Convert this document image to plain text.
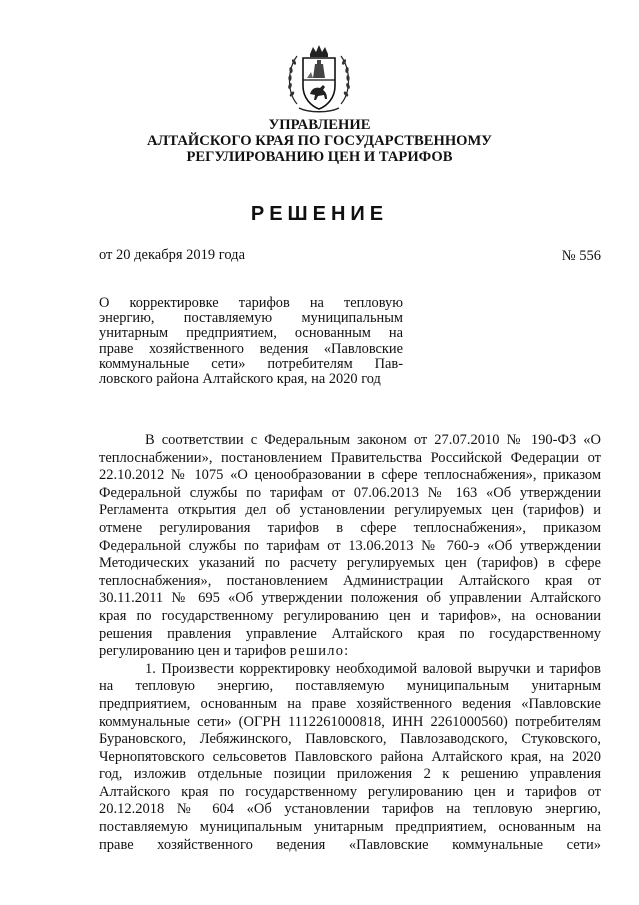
УПРАВЛЕНИЕ
АЛТАЙСКОГО КРАЯ ПО ГОСУДАРСТВЕННОМУ
РЕГУЛИРОВАНИЮ ЦЕН И ТАРИФОВ
РЕШЕНИЕ
от 20 декабря 2019 года	№ 556
О корректировке тарифов на тепловую
энергию, поставляемую муниципальным
унитарным предприятием, основанным на
праве хозяйственного ведения «Павловские
коммунальные сети» потребителям Пав-
ловского района Алтайского края, на 2020 год
В соответствии с Федеральным законом от 27.07.2010 № 190-ФЗ «О
теплоснабжении», постановлением Правительства Российской Федерации от
22.10.2012 № 1075 «О ценообразовании в сфере теплоснабжения», приказом
Федеральной службы по тарифам от 07.06.2013 № 163 «Об утверждении
Регламента открытия дел об установлении регулируемых цен (тарифов) и
отмене регулирования тарифов в сфере теплоснабжения», приказом
Федеральной службы по тарифам от 13.06.2013 № 760-э «Об утверждении
Методических указаний по расчету регулируемых цен (тарифов) в сфере
теплоснабжения», постановлением Администрации Алтайского края от
30.11.2011 № 695 «Об утверждении положения об управлении Алтайского
края по государственному регулированию цен и тарифов», на основании
решения правления управление Алтайского края по государственному
регулированию цен и тарифов решило:
1. Произвести корректировку необходимой валовой выручки и тарифов
на тепловую энергию, поставляемую муниципальным унитарным
предприятием, основанным на праве хозяйственного ведения «Павловские
коммунальные сети» (ОГРН 1112261000818, ИНН 2261000560) потребителям
Бурановского, Лебяжинского, Павловского, Павлозаводского, Стуковского,
Чернопятовского сельсоветов Павловского района Алтайского края, на 2020
год, изложив отдельные позиции приложения 2 к решению управления
Алтайского края по государственному регулированию цен и тарифов от
20.12.2018 № 604 «Об установлении тарифов на тепловую энергию,
поставляемую муниципальным унитарным предприятием, основанным на
праве хозяйственного ведения «Павловские коммунальные сети»
